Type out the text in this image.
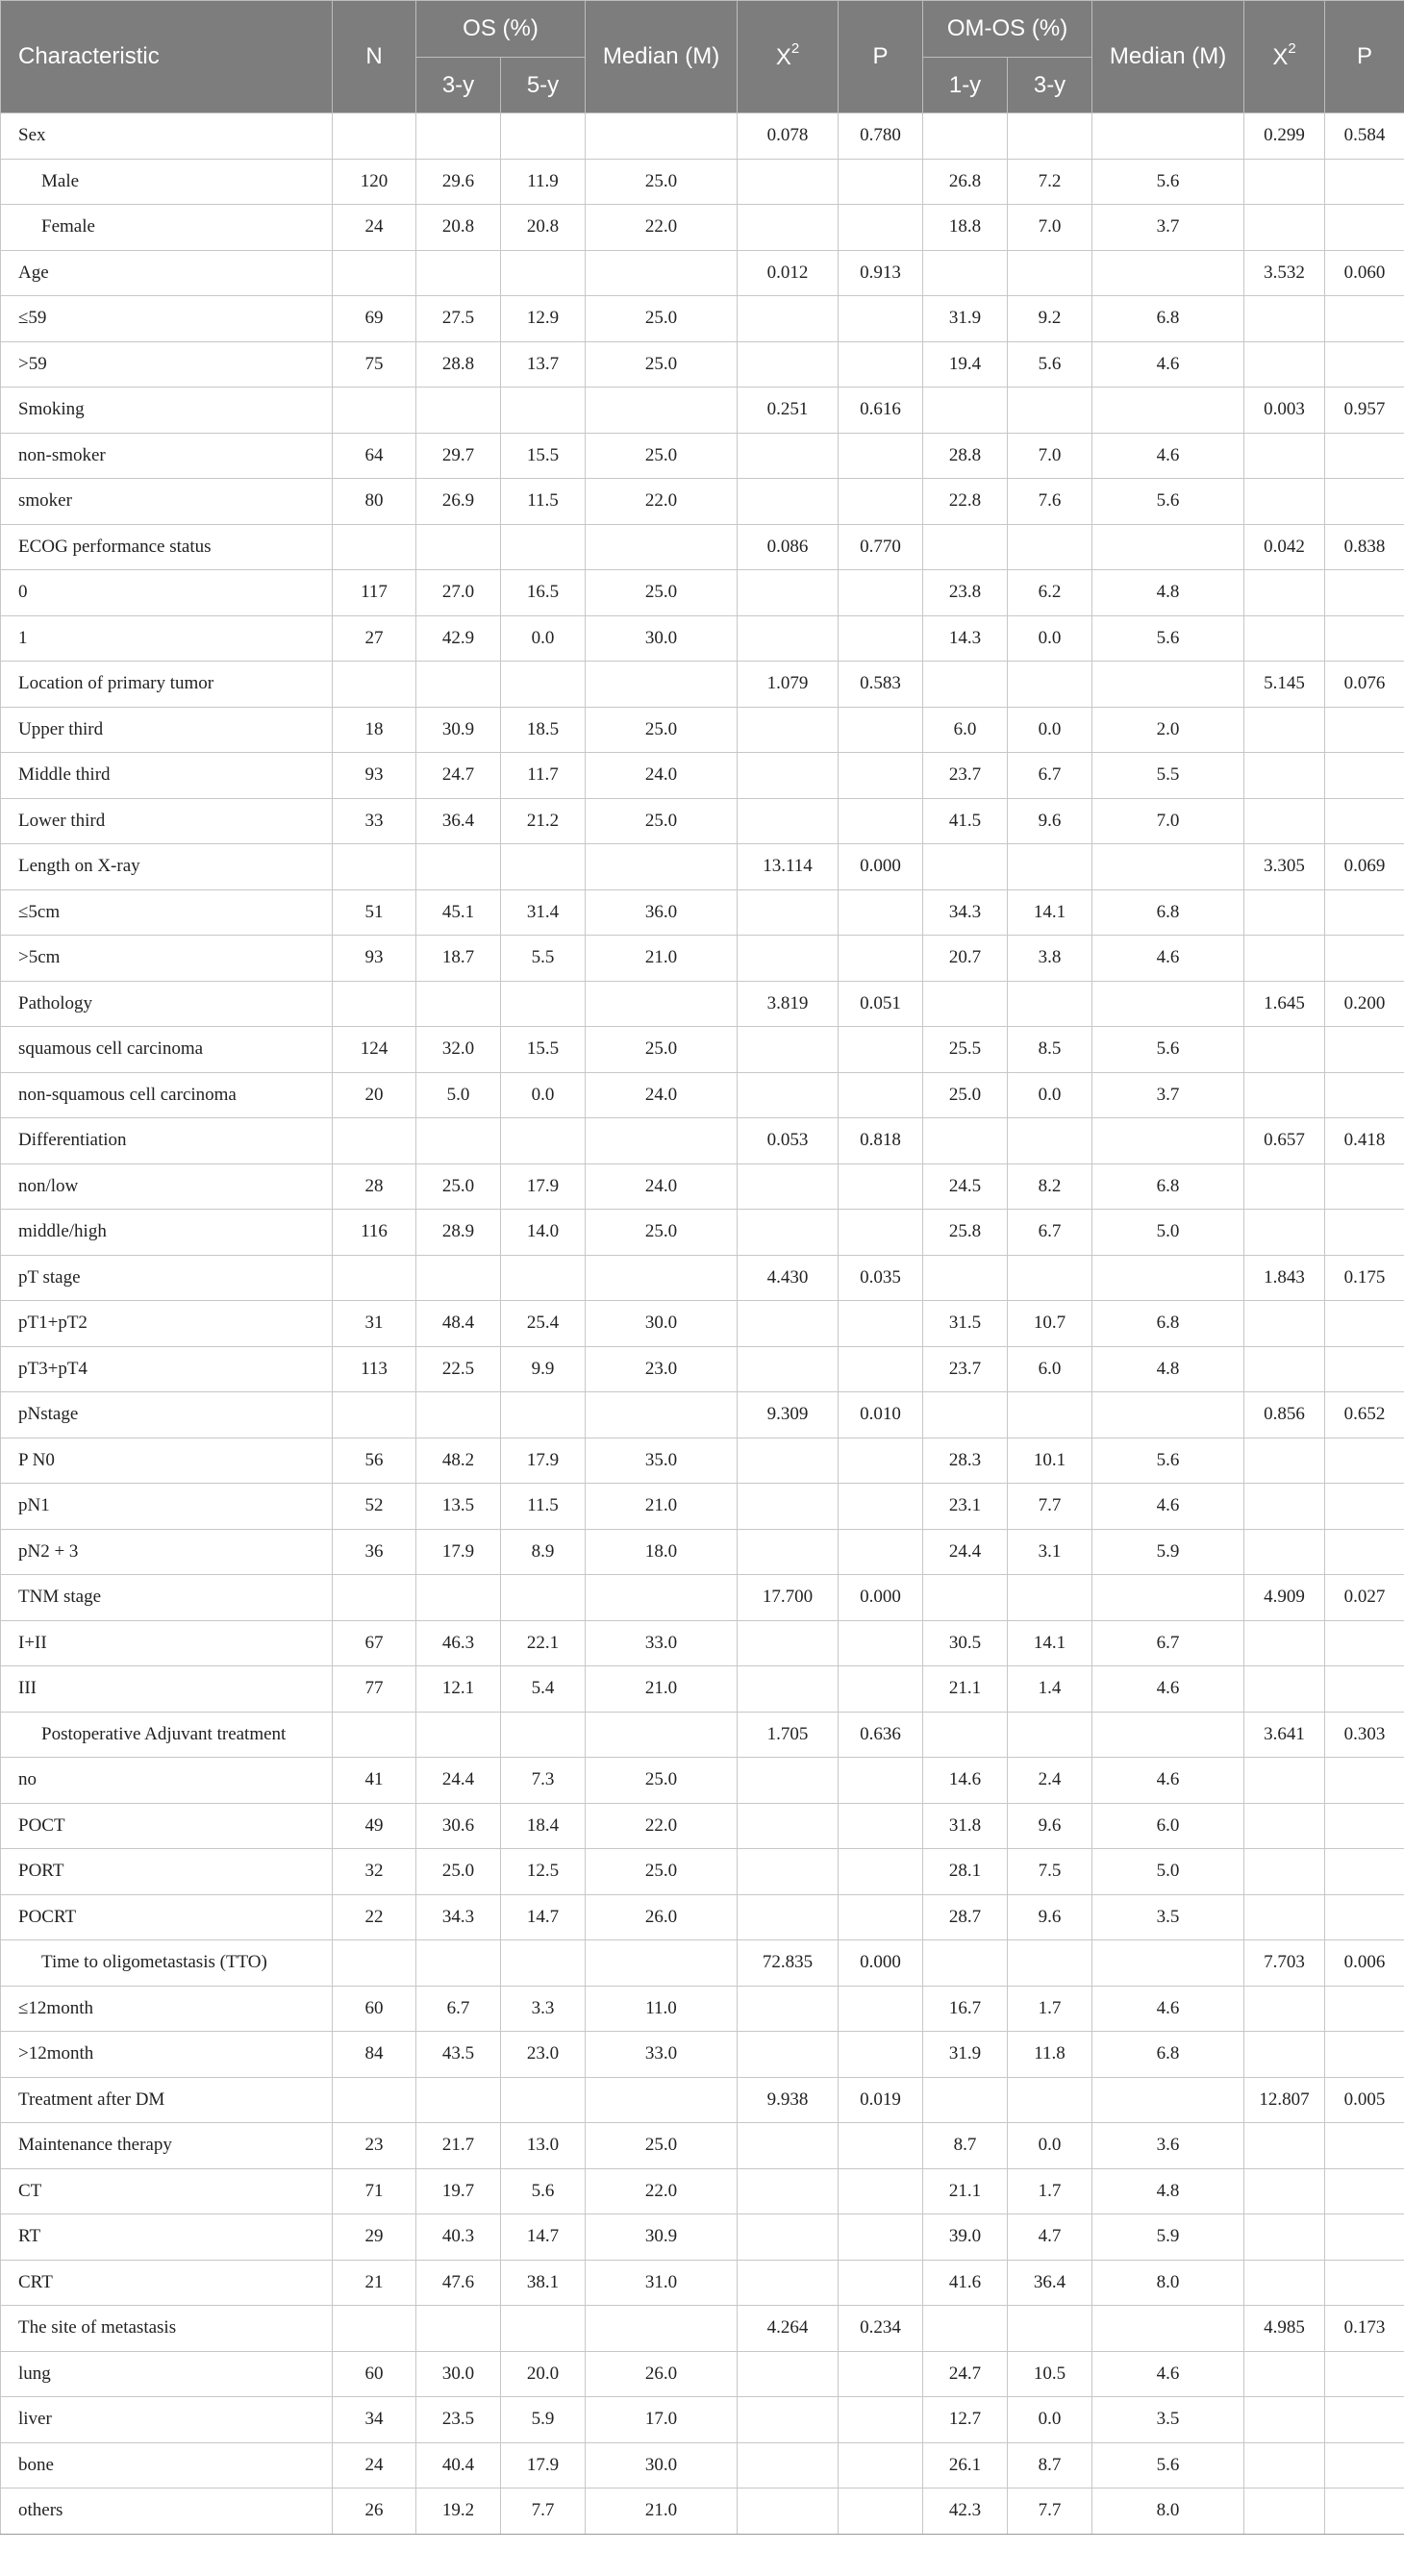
Characteristic	N	OS (%)		Median (M)	$X^2$	P	OM-OS (%)		Median (M)	$X^2$	P
		3-y	5-y				1-y	3-y			
Sex					0.078	0.780				0.299	0.584
Male	120	29.6	11.9	25.0			26.8	7.2	5.6		
Female	24	20.8	20.8	22.0			18.8	7.0	3.7		
Age					0.012	0.913				3.532	0.060
≤59	69	27.5	12.9	25.0			31.9	9.2	6.8		
>59	75	28.8	13.7	25.0			19.4	5.6	4.6		
Smoking					0.251	0.616				0.003	0.957
non-smoker	64	29.7	15.5	25.0			28.8	7.0	4.6		
smoker	80	26.9	11.5	22.0			22.8	7.6	5.6		
ECOG performance status					0.086	0.770				0.042	0.838
0	117	27.0	16.5	25.0			23.8	6.2	4.8		
1	27	42.9	0.0	30.0			14.3	0.0	5.6		
Location of primary tumor					1.079	0.583				5.145	0.076
Upper third	18	30.9	18.5	25.0			6.0	0.0	2.0		
Middle third	93	24.7	11.7	24.0			23.7	6.7	5.5		
Lower third	33	36.4	21.2	25.0			41.5	9.6	7.0		
Length on X-ray					13.114	0.000				3.305	0.069
≤5cm	51	45.1	31.4	36.0			34.3	14.1	6.8		
>5cm	93	18.7	5.5	21.0			20.7	3.8	4.6		
Pathology					3.819	0.051				1.645	0.200
squamous cell carcinoma	124	32.0	15.5	25.0			25.5	8.5	5.6		
non-squamous cell carcinoma	20	5.0	0.0	24.0			25.0	0.0	3.7		
Differentiation					0.053	0.818				0.657	0.418
non/low	28	25.0	17.9	24.0			24.5	8.2	6.8		
middle/high	116	28.9	14.0	25.0			25.8	6.7	5.0		
pT stage					4.430	0.035				1.843	0.175
pT1+pT2	31	48.4	25.4	30.0			31.5	10.7	6.8		
pT3+pT4	113	22.5	9.9	23.0			23.7	6.0	4.8		
pNstage					9.309	0.010				0.856	0.652
P N0	56	48.2	17.9	35.0			28.3	10.1	5.6		
pN1	52	13.5	11.5	21.0			23.1	7.7	4.6		
pN2 + 3	36	17.9	8.9	18.0			24.4	3.1	5.9		
TNM stage					17.700	0.000				4.909	0.027
I+II	67	46.3	22.1	33.0			30.5	14.1	6.7		
III	77	12.1	5.4	21.0			21.1	1.4	4.6		
Postoperative Adjuvant treatment					1.705	0.636				3.641	0.303
no	41	24.4	7.3	25.0			14.6	2.4	4.6		
POCT	49	30.6	18.4	22.0			31.8	9.6	6.0		
PORT	32	25.0	12.5	25.0			28.1	7.5	5.0		
POCRT	22	34.3	14.7	26.0			28.7	9.6	3.5		
Time to oligometastasis (TTO)					72.835	0.000				7.703	0.006
≤12month	60	6.7	3.3	11.0			16.7	1.7	4.6		
>12month	84	43.5	23.0	33.0			31.9	11.8	6.8		
Treatment after DM					9.938	0.019				12.807	0.005
Maintenance therapy	23	21.7	13.0	25.0			8.7	0.0	3.6		
CT	71	19.7	5.6	22.0			21.1	1.7	4.8		
RT	29	40.3	14.7	30.9			39.0	4.7	5.9		
CRT	21	47.6	38.1	31.0			41.6	36.4	8.0		
The site of metastasis					4.264	0.234				4.985	0.173
lung	60	30.0	20.0	26.0			24.7	10.5	4.6		
liver	34	23.5	5.9	17.0			12.7	0.0	3.5		
bone	24	40.4	17.9	30.0			26.1	8.7	5.6		
others	26	19.2	7.7	21.0			42.3	7.7	8.0		
